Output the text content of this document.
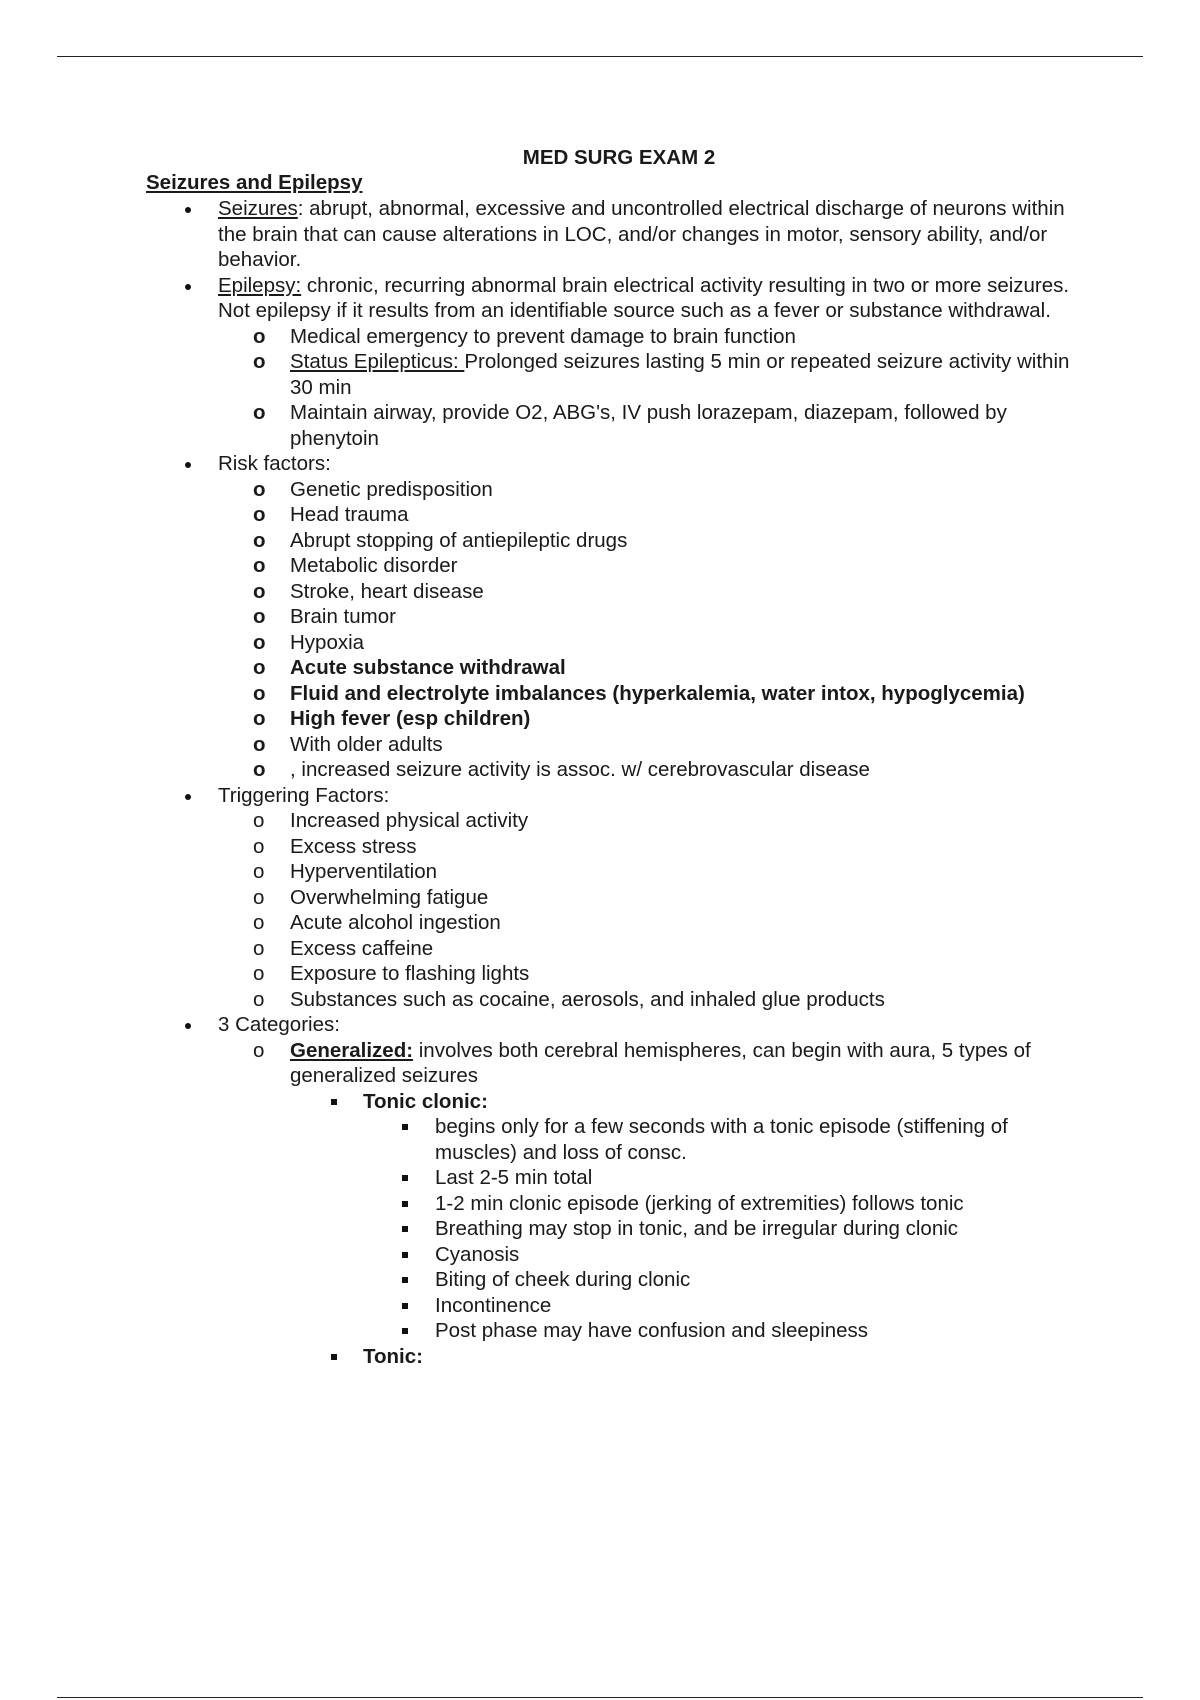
MED SURG EXAM 2
Seizures and Epilepsy
Seizures: abrupt, abnormal, excessive and uncontrolled electrical discharge of neurons within the brain that can cause alterations in LOC, and/or changes in motor, sensory ability, and/or behavior.
Epilepsy: chronic, recurring abnormal brain electrical activity resulting in two or more seizures. Not epilepsy if it results from an identifiable source such as a fever or substance withdrawal.
o Medical emergency to prevent damage to brain function
o Status Epilepticus: Prolonged seizures lasting 5 min or repeated seizure activity within 30 min
o Maintain airway, provide O2, ABG's, IV push lorazepam, diazepam, followed by phenytoin
Risk factors:
o Genetic predisposition
o Head trauma
o Abrupt stopping of antiepileptic drugs
o Metabolic disorder
o Stroke, heart disease
o Brain tumor
o Hypoxia
o Acute substance withdrawal
o Fluid and electrolyte imbalances (hyperkalemia, water intox, hypoglycemia)
o High fever (esp children)
o With older adults
o , increased seizure activity is assoc. w/ cerebrovascular disease
Triggering Factors:
o Increased physical activity
o Excess stress
o Hyperventilation
o Overwhelming fatigue
o Acute alcohol ingestion
o Excess caffeine
o Exposure to flashing lights
o Substances such as cocaine, aerosols, and inhaled glue products
3 Categories:
o Generalized: involves both cerebral hemispheres, can begin with aura, 5 types of generalized seizures
Tonic clonic:
begins only for a few seconds with a tonic episode (stiffening of muscles) and loss of consc.
Last 2-5 min total
1-2 min clonic episode (jerking of extremities) follows tonic
Breathing may stop in tonic, and be irregular during clonic
Cyanosis
Biting of cheek during clonic
Incontinence
Post phase may have confusion and sleepiness
Tonic:
